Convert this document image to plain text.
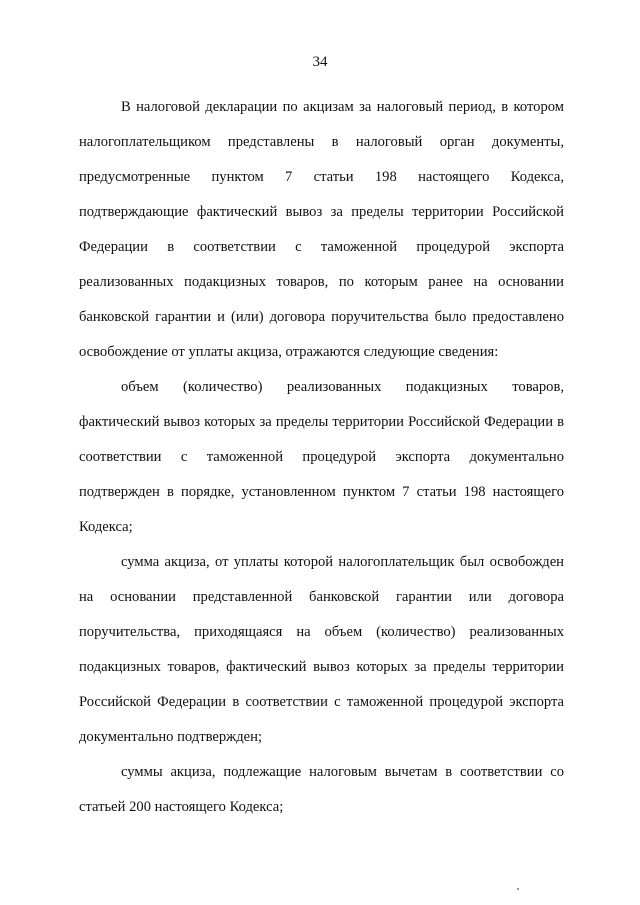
34

В налоговой декларации по акцизам за налоговый период, в котором налогоплательщиком представлены в налоговый орган документы, предусмотренные пунктом 7 статьи 198 настоящего Кодекса, подтверждающие фактический вывоз за пределы территории Российской Федерации в соответствии с таможенной процедурой экспорта реализованных подакцизных товаров, по которым ранее на основании банковской гарантии и (или) договора поручительства было предоставлено освобождение от уплаты акциза, отражаются следующие сведения:

объем (количество) реализованных подакцизных товаров, фактический вывоз которых за пределы территории Российской Федерации в соответствии с таможенной процедурой экспорта документально подтвержден в порядке, установленном пунктом 7 статьи 198 настоящего Кодекса;

сумма акциза, от уплаты которой налогоплательщик был освобожден на основании представленной банковской гарантии или договора поручительства, приходящаяся на объем (количество) реализованных подакцизных товаров, фактический вывоз которых за пределы территории Российской Федерации в соответствии с таможенной процедурой экспорта документально подтвержден;

суммы акциза, подлежащие налоговым вычетам в соответствии со статьей 200 настоящего Кодекса;
